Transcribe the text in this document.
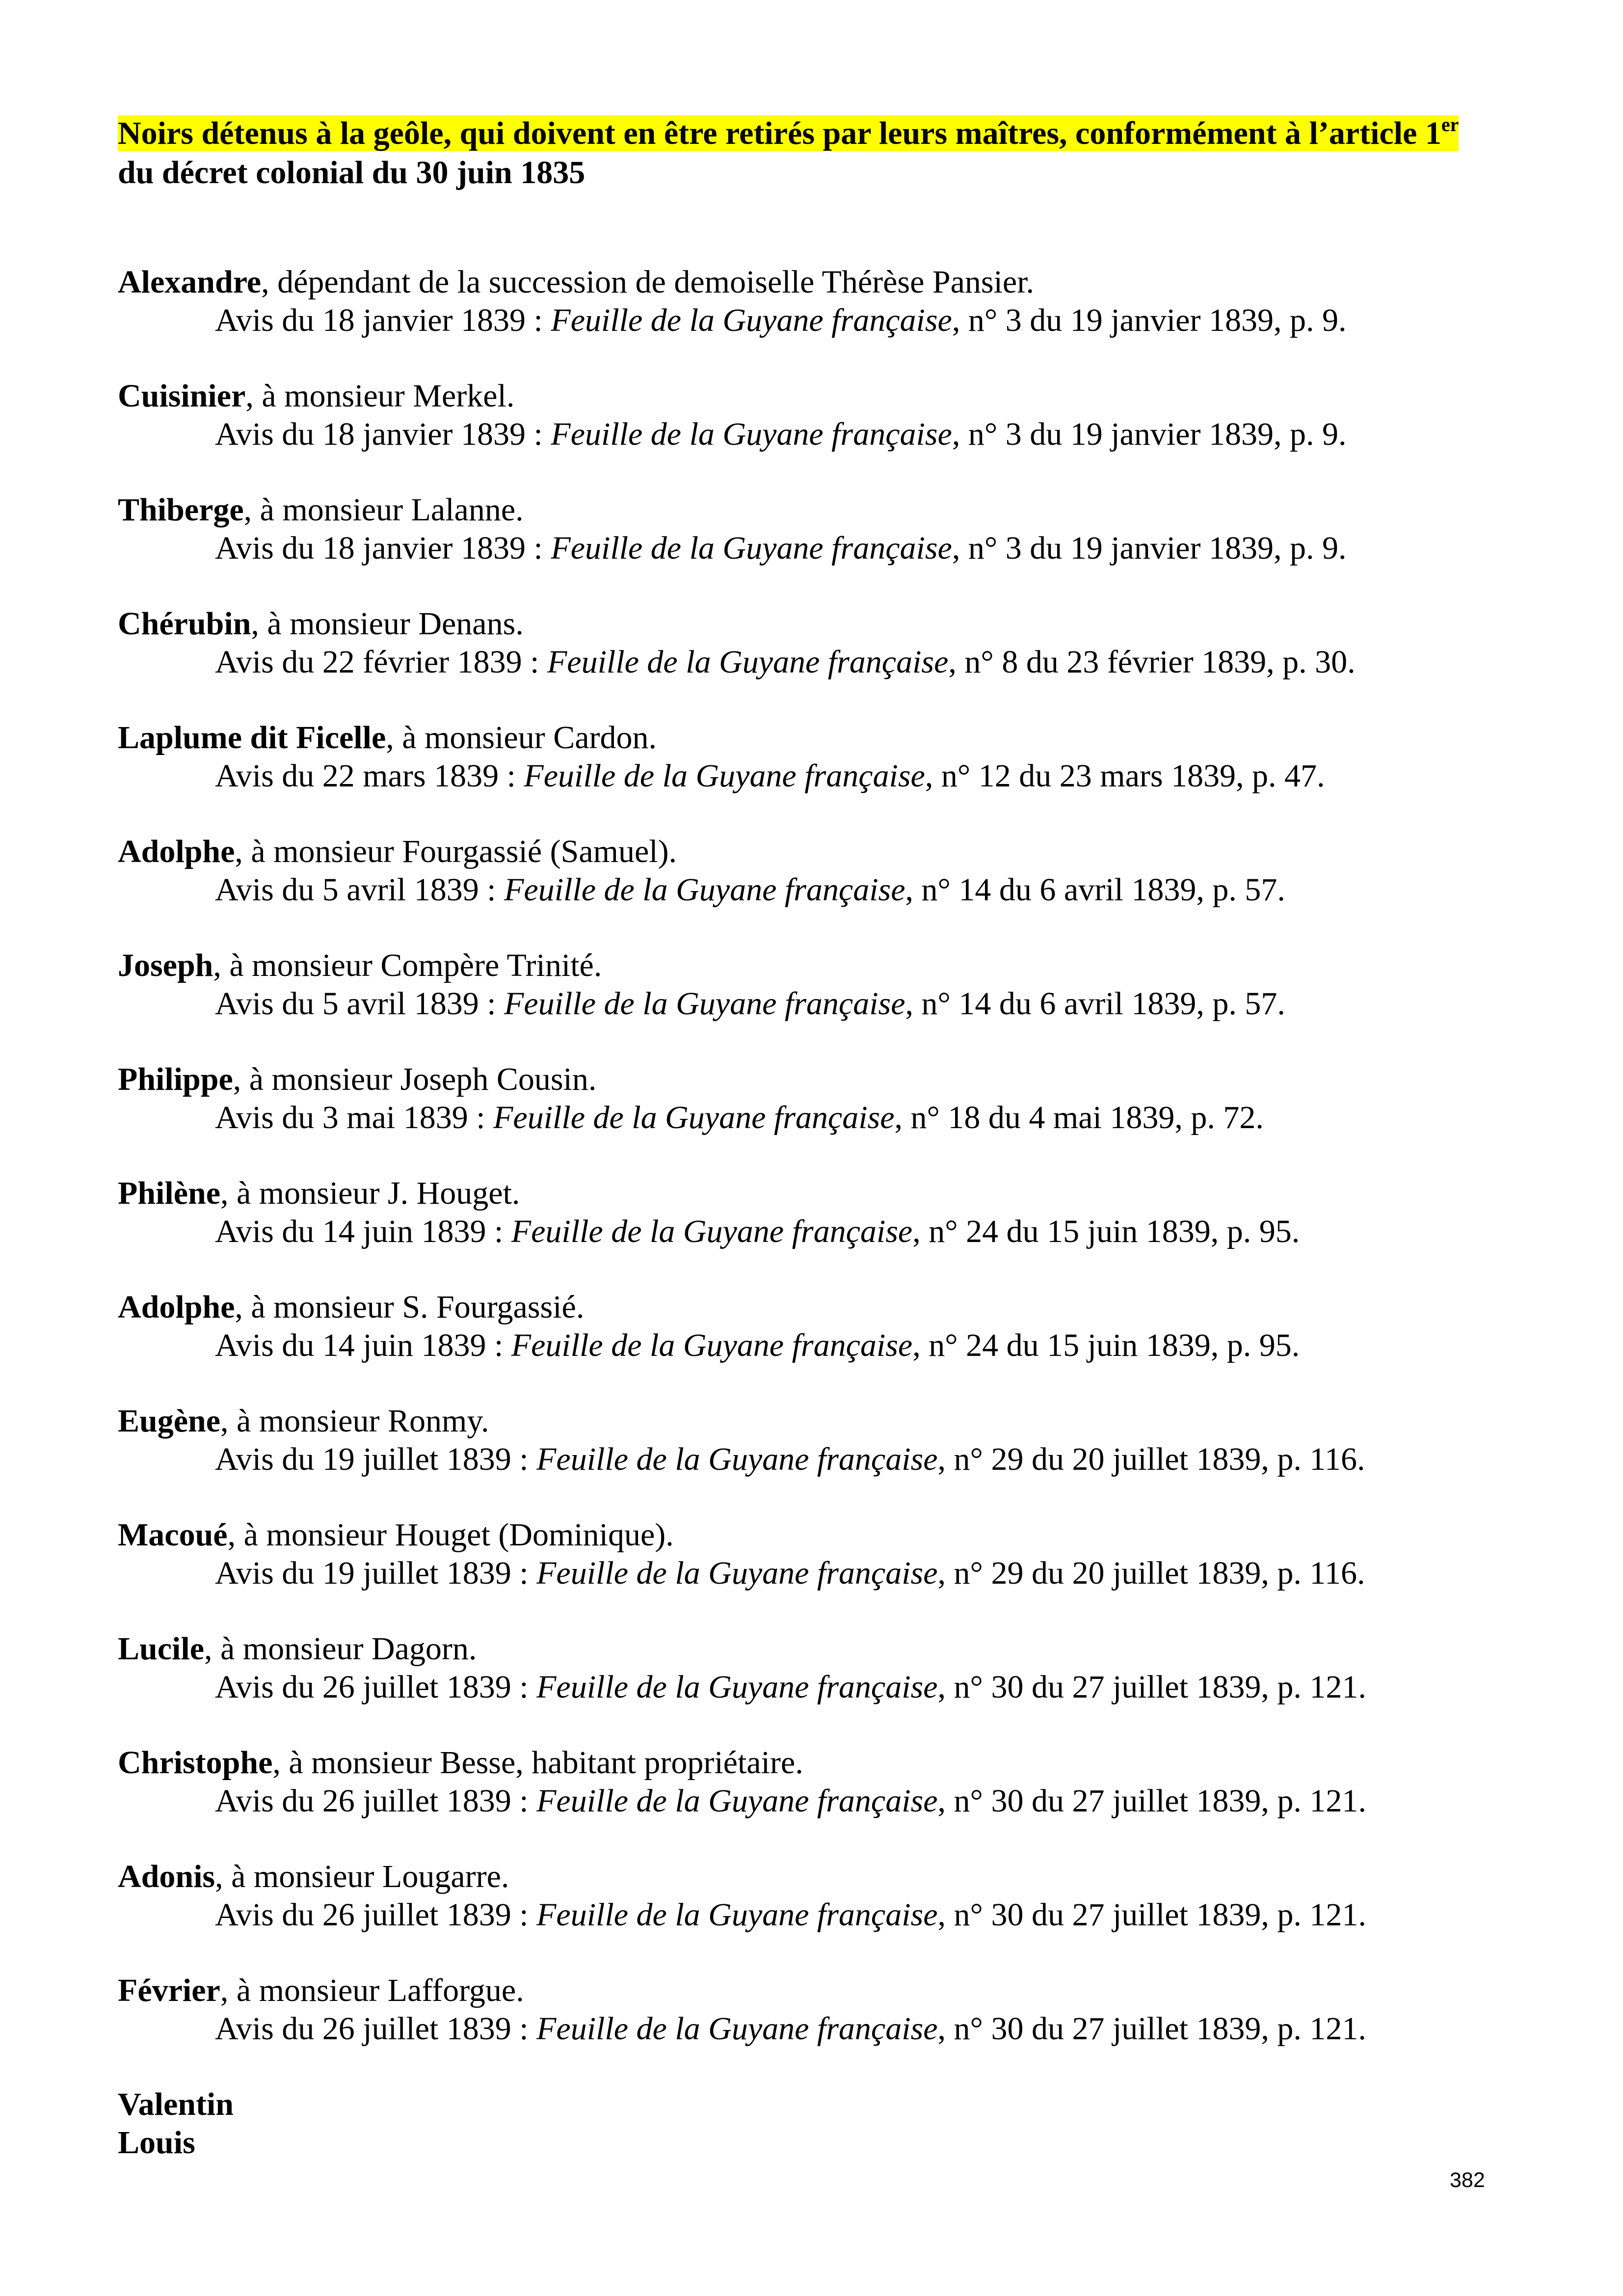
Noirs détenus à la geôle, qui doivent en être retirés par leurs maîtres, conformément à l’article 1er
du décret colonial du 30 juin 1835

Alexandre, dépendant de la succession de demoiselle Thérèse Pansier.
Avis du 18 janvier 1839 : Feuille de la Guyane française, n° 3 du 19 janvier 1839, p. 9.
Cuisinier, à monsieur Merkel.
Avis du 18 janvier 1839 : Feuille de la Guyane française, n° 3 du 19 janvier 1839, p. 9.
Thiberge, à monsieur Lalanne.
Avis du 18 janvier 1839 : Feuille de la Guyane française, n° 3 du 19 janvier 1839, p. 9.
Chérubin, à monsieur Denans.
Avis du 22 février 1839 : Feuille de la Guyane française, n° 8 du 23 février 1839, p. 30.
Laplume dit Ficelle, à monsieur Cardon.
Avis du 22 mars 1839 : Feuille de la Guyane française, n° 12 du 23 mars 1839, p. 47.
Adolphe, à monsieur Fourgassié (Samuel).
Avis du 5 avril 1839 : Feuille de la Guyane française, n° 14 du 6 avril 1839, p. 57.
Joseph, à monsieur Compère Trinité.
Avis du 5 avril 1839 : Feuille de la Guyane française, n° 14 du 6 avril 1839, p. 57.
Philippe, à monsieur Joseph Cousin.
Avis du 3 mai 1839 : Feuille de la Guyane française, n° 18 du 4 mai 1839, p. 72.
Philène, à monsieur J. Houget.
Avis du 14 juin 1839 : Feuille de la Guyane française, n° 24 du 15 juin 1839, p. 95.
Adolphe, à monsieur S. Fourgassié.
Avis du 14 juin 1839 : Feuille de la Guyane française, n° 24 du 15 juin 1839, p. 95.
Eugène, à monsieur Ronmy.
Avis du 19 juillet 1839 : Feuille de la Guyane française, n° 29 du 20 juillet 1839, p. 116.
Macoué, à monsieur Houget (Dominique).
Avis du 19 juillet 1839 : Feuille de la Guyane française, n° 29 du 20 juillet 1839, p. 116.
Lucile, à monsieur Dagorn.
Avis du 26 juillet 1839 : Feuille de la Guyane française, n° 30 du 27 juillet 1839, p. 121.
Christophe, à monsieur Besse, habitant propriétaire.
Avis du 26 juillet 1839 : Feuille de la Guyane française, n° 30 du 27 juillet 1839, p. 121.
Adonis, à monsieur Lougarre.
Avis du 26 juillet 1839 : Feuille de la Guyane française, n° 30 du 27 juillet 1839, p. 121.
Février, à monsieur Lafforgue.
Avis du 26 juillet 1839 : Feuille de la Guyane française, n° 30 du 27 juillet 1839, p. 121.
Valentin
Louis
382
